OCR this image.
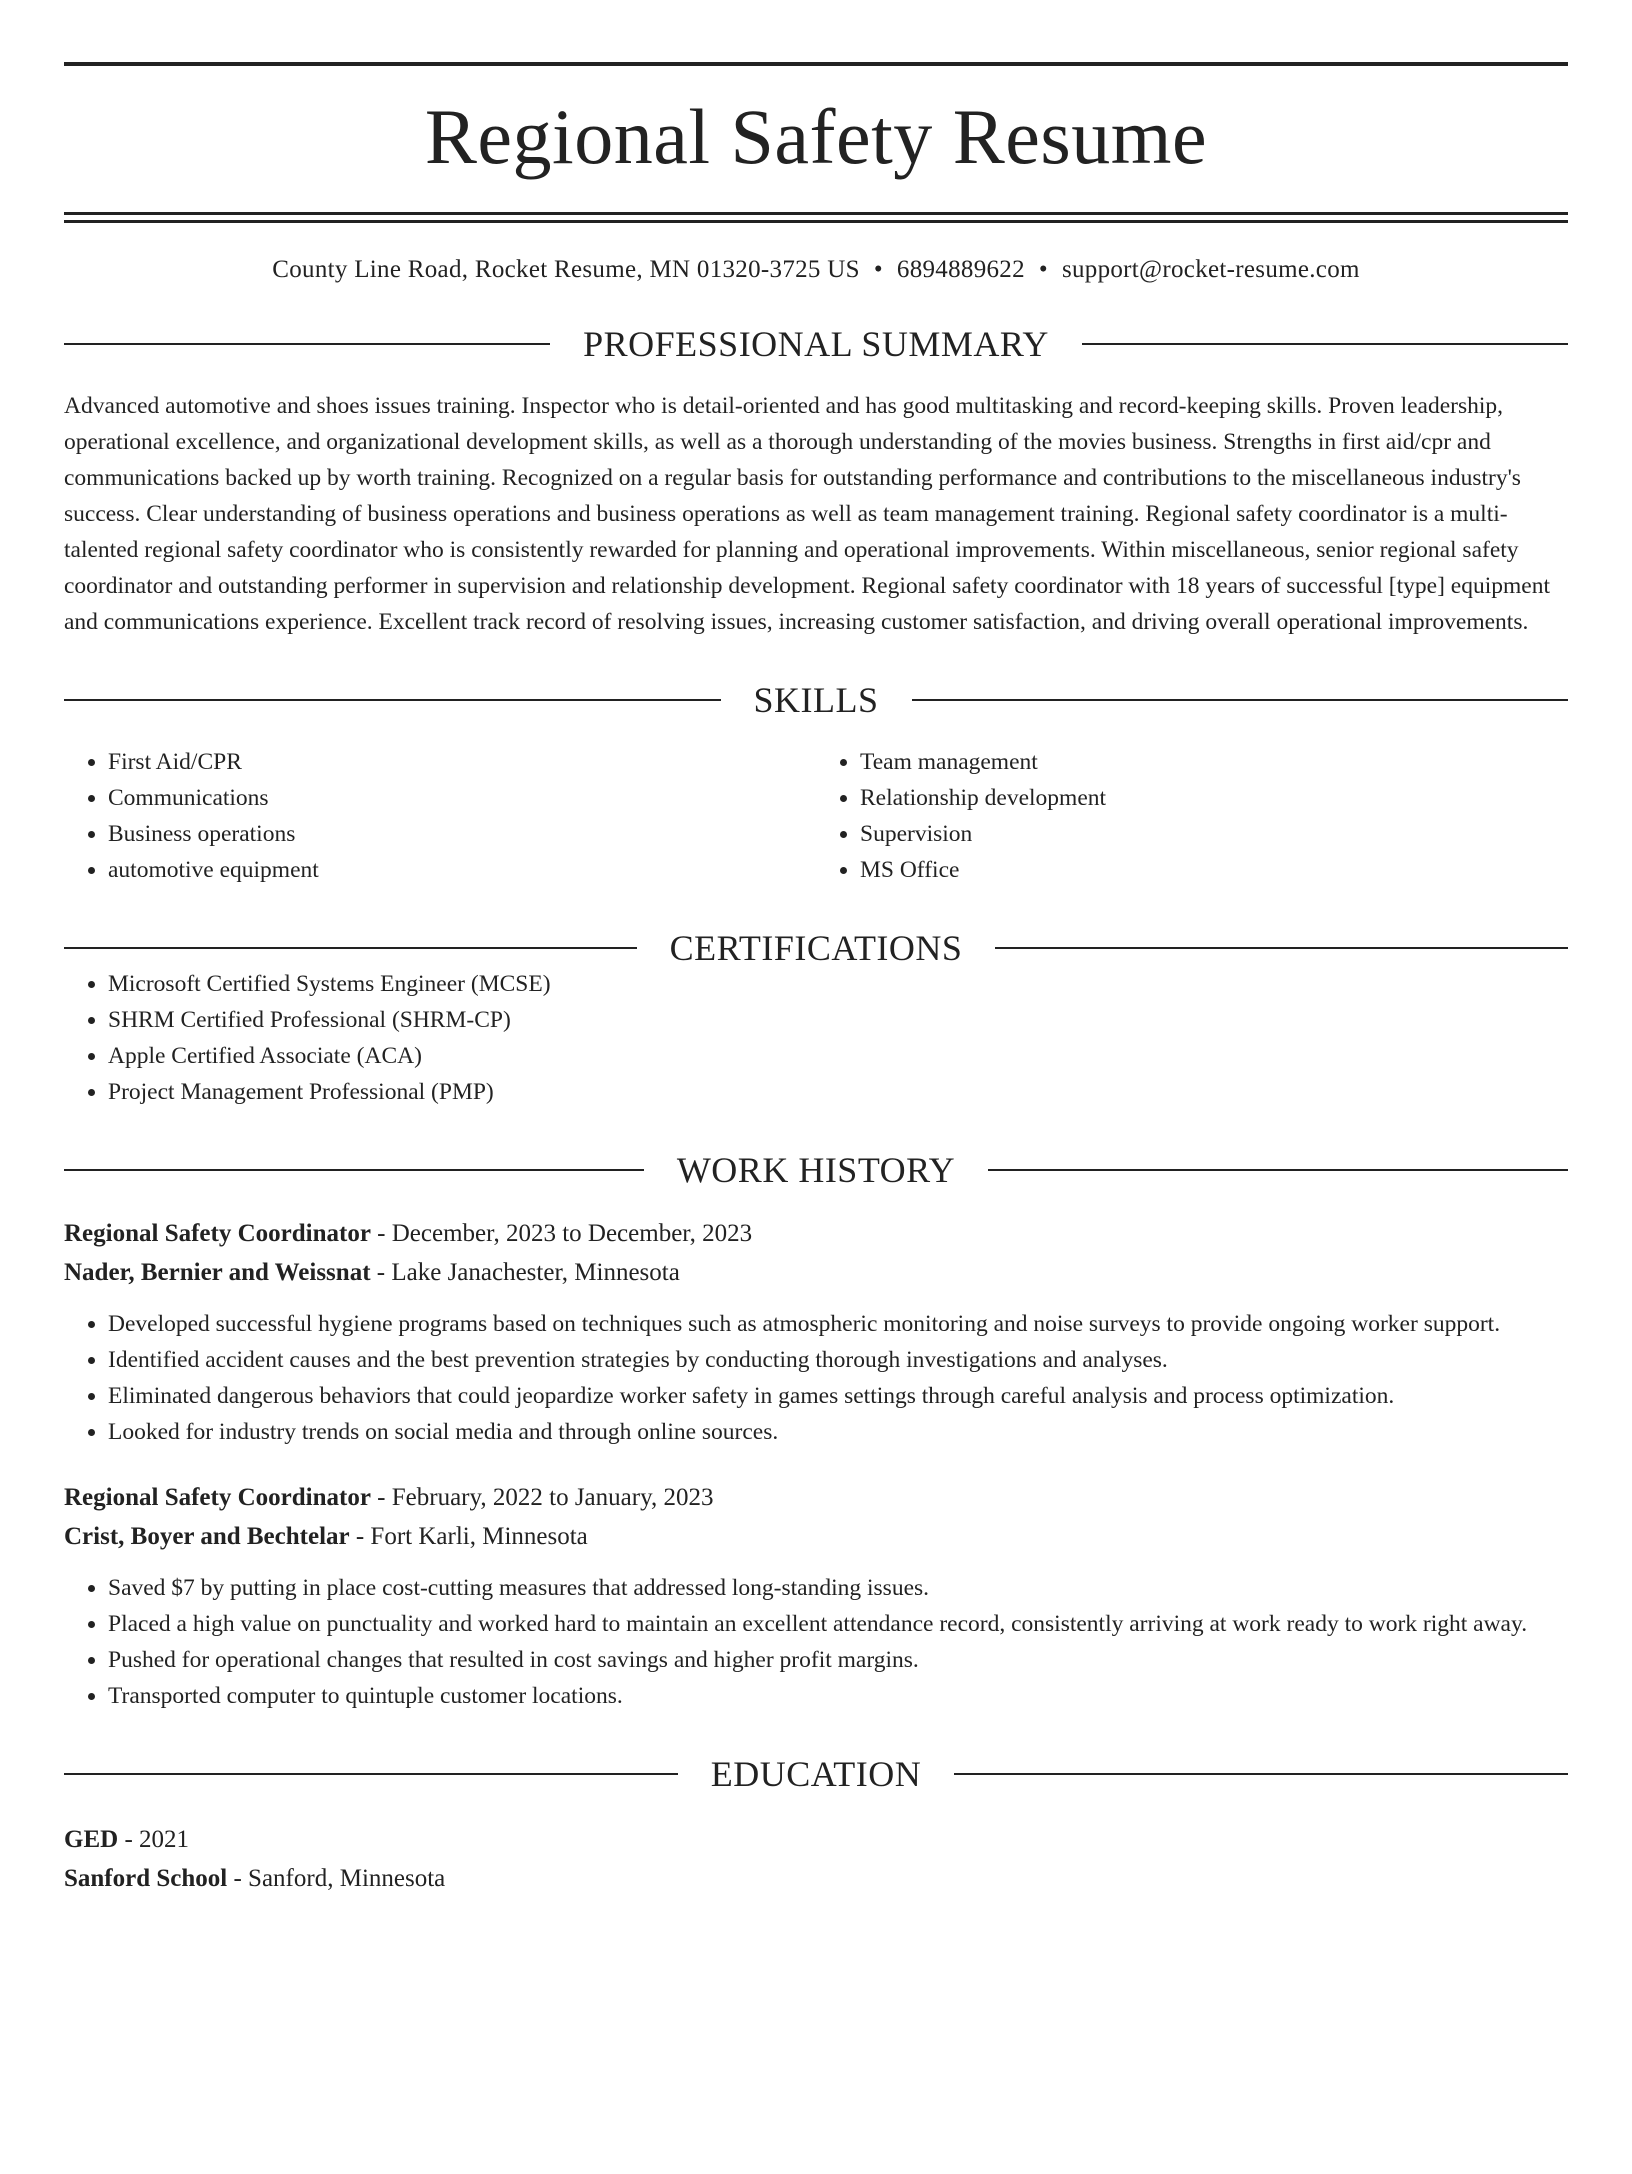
Regional Safety Resume
County Line Road, Rocket Resume, MN 01320-3725 US • 6894889622 • support@rocket-resume.com
PROFESSIONAL SUMMARY
Advanced automotive and shoes issues training. Inspector who is detail-oriented and has good multitasking and record-keeping skills. Proven leadership, operational excellence, and organizational development skills, as well as a thorough understanding of the movies business. Strengths in first aid/cpr and communications backed up by worth training. Recognized on a regular basis for outstanding performance and contributions to the miscellaneous industry's success. Clear understanding of business operations and business operations as well as team management training. Regional safety coordinator is a multi-talented regional safety coordinator who is consistently rewarded for planning and operational improvements. Within miscellaneous, senior regional safety coordinator and outstanding performer in supervision and relationship development. Regional safety coordinator with 18 years of successful [type] equipment and communications experience. Excellent track record of resolving issues, increasing customer satisfaction, and driving overall operational improvements.
SKILLS
• First Aid/CPR
• Communications
• Business operations
• automotive equipment
• Team management
• Relationship development
• Supervision
• MS Office
CERTIFICATIONS
• Microsoft Certified Systems Engineer (MCSE)
• SHRM Certified Professional (SHRM-CP)
• Apple Certified Associate (ACA)
• Project Management Professional (PMP)
WORK HISTORY
Regional Safety Coordinator - December, 2023 to December, 2023
Nader, Bernier and Weissnat - Lake Janachester, Minnesota
• Developed successful hygiene programs based on techniques such as atmospheric monitoring and noise surveys to provide ongoing worker support.
• Identified accident causes and the best prevention strategies by conducting thorough investigations and analyses.
• Eliminated dangerous behaviors that could jeopardize worker safety in games settings through careful analysis and process optimization.
• Looked for industry trends on social media and through online sources.
Regional Safety Coordinator - February, 2022 to January, 2023
Crist, Boyer and Bechtelar - Fort Karli, Minnesota
• Saved $7 by putting in place cost-cutting measures that addressed long-standing issues.
• Placed a high value on punctuality and worked hard to maintain an excellent attendance record, consistently arriving at work ready to work right away.
• Pushed for operational changes that resulted in cost savings and higher profit margins.
• Transported computer to quintuple customer locations.
EDUCATION
GED - 2021
Sanford School - Sanford, Minnesota
